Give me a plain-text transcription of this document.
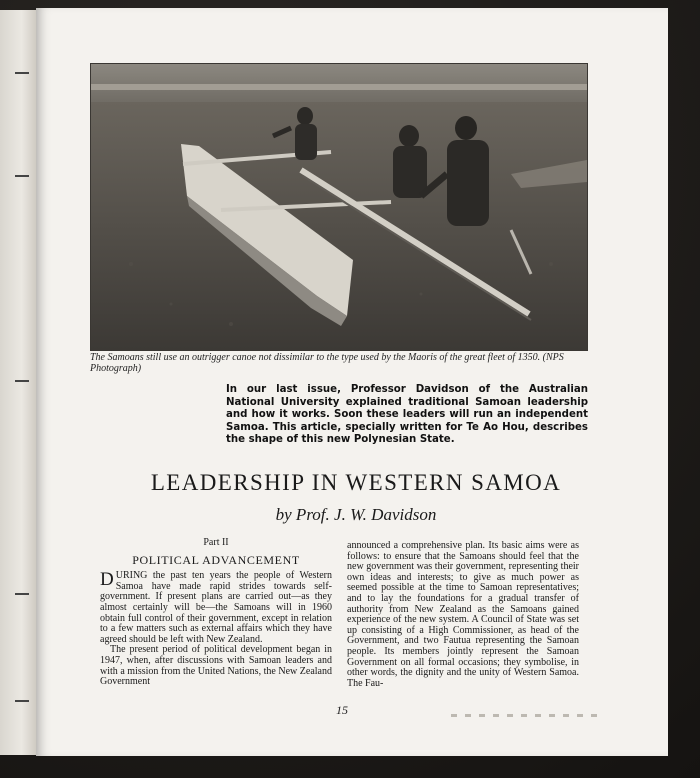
The Samoans still use an outrigger canoe not dissimilar to the type used by the Maoris of the great fleet of 1350. (NPS Photograph)

In our last issue, Professor Davidson of the Australian National University explained traditional Samoan leadership and how it works. Soon these leaders will run an independent Samoa. This article, specially written for Te Ao Hou, describes the shape of this new Polynesian State.

LEADERSHIP IN WESTERN SAMOA
by Prof. J. W. Davidson

Part II

POLITICAL ADVANCEMENT

DURING the past ten years the people of Western Samoa have made rapid strides towards self-government. If present plans are carried out—as they almost certainly will be—the Samoans will in 1960 obtain full control of their government, except in relation to a few matters such as external affairs which they have agreed should be left with New Zealand.

The present period of political development began in 1947, when, after discussions with Samoan leaders and with a mission from the United Nations, the New Zealand Government

announced a comprehensive plan. Its basic aims were as follows: to ensure that the Samoans should feel that the new government was their government, representing their own ideas and interests; to give as much power as seemed possible at the time to Samoan representatives; and to lay the foundations for a gradual transfer of authority from New Zealand as the Samoans gained experience of the new system. A Council of State was set up consisting of a High Commissioner, as head of the Government, and two Fautua representing the Samoan people. Its members jointly represent the Samoan Government on all formal occasions; they symbolise, in other words, the dignity and the unity of Western Samoa. The Fau-

15
